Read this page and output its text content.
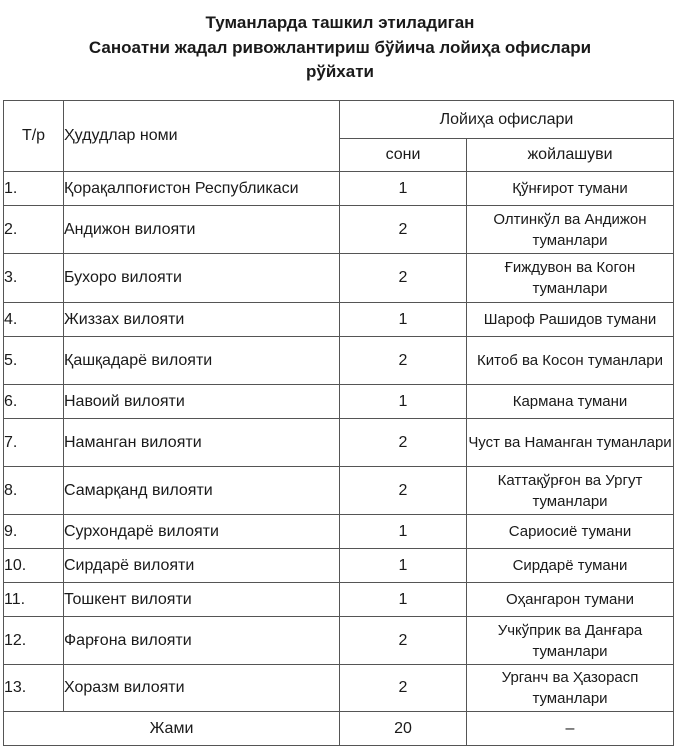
Туманларда ташкил этиладиган
Саноатни жадал ривожлантириш бўйича лойиҳа офислари
рўйхати
Т/р	Ҳудудлар номи	Лойиҳа офислари	
		сони	жойлашуви
1.	Қорақалпоғистон Республикаси	1	Қўнғирот тумани
2.	Андижон вилояти	2	Олтинкўл ва Андижон туманлари
3.	Бухоро вилояти	2	Ғиждувон ва Когон туманлари
4.	Жиззах вилояти	1	Шароф Рашидов тумани
5.	Қашқадарё вилояти	2	Китоб ва Косон туманлари
6.	Навоий вилояти	1	Кармана тумани
7.	Наманган вилояти	2	Чуст ва Наманган туманлари
8.	Самарқанд вилояти	2	Каттақўрғон ва Ургут туманлари
9.	Сурхондарё вилояти	1	Сариосиё тумани
10.	Сирдарё вилояти	1	Сирдарё тумани
11.	Тошкент вилояти	1	Оҳангарон тумани
12.	Фарғона вилояти	2	Учкўприк ва Данғара туманлари
13.	Хоразм вилояти	2	Урганч ва Ҳазорасп туманлари
Жами		20	–
